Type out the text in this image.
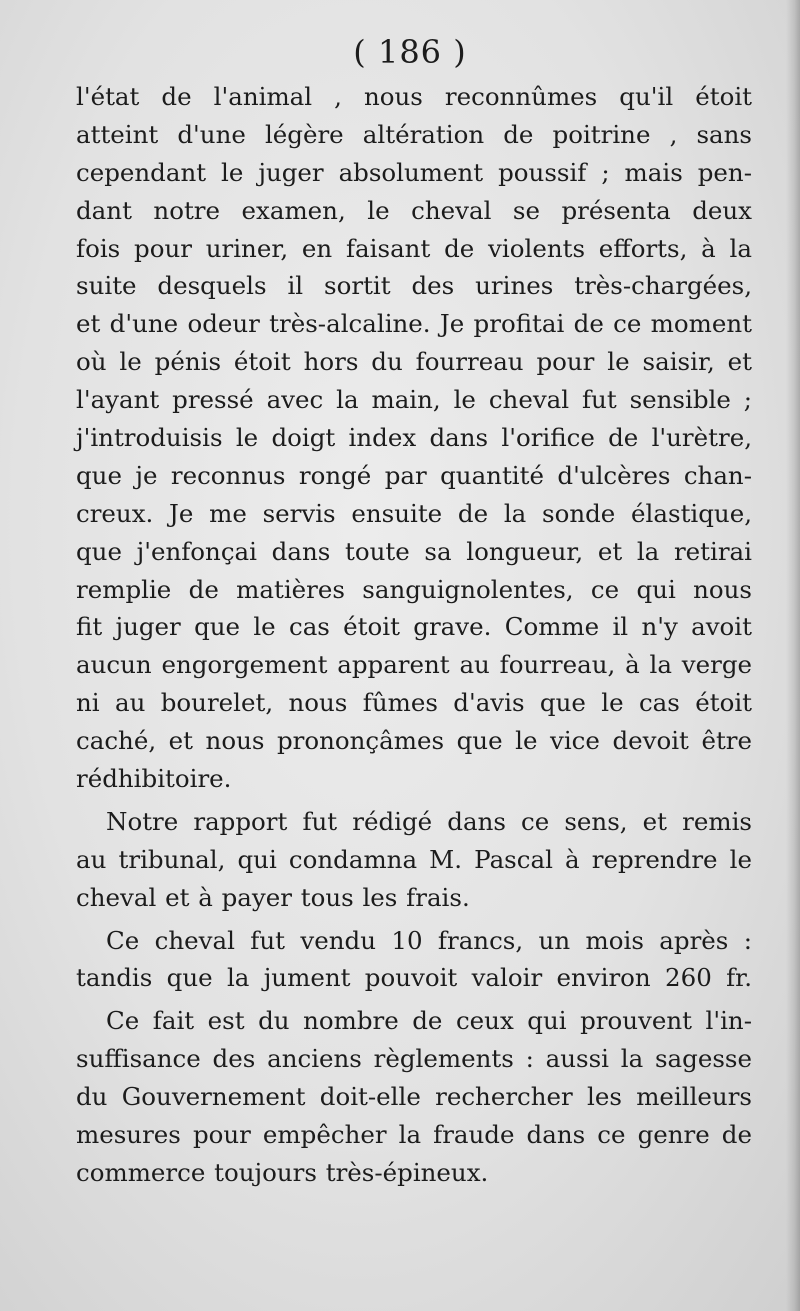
( 186 )
l'état de l'animal , nous reconnûmes qu'il étoit
atteint d'une légère altération de poitrine , sans
cependant le juger absolument poussif ; mais pen-
dant notre examen, le cheval se présenta deux
fois pour uriner, en faisant de violents efforts, à la
suite desquels il sortit des urines très-chargées,
et d'une odeur très-alcaline. Je profitai de ce moment
où le pénis étoit hors du fourreau pour le saisir, et
l'ayant pressé avec la main, le cheval fut sensible ;
j'introduisis le doigt index dans l'orifice de l'urètre,
que je reconnus rongé par quantité d'ulcères chan-
creux. Je me servis ensuite de la sonde élastique,
que j'enfonçai dans toute sa longueur, et la retirai
remplie de matières sanguignolentes, ce qui nous
fit juger que le cas étoit grave. Comme il n'y avoit
aucun engorgement apparent au fourreau, à la verge
ni au bourelet, nous fûmes d'avis que le cas étoit
caché, et nous prononçâmes que le vice devoit être
rédhibitoire.
Notre rapport fut rédigé dans ce sens, et remis
au tribunal, qui condamna M. Pascal à reprendre le
cheval et à payer tous les frais.
Ce cheval fut vendu 10 francs, un mois après :
tandis que la jument pouvoit valoir environ 260 fr.
Ce fait est du nombre de ceux qui prouvent l'in-
suffisance des anciens règlements : aussi la sagesse
du Gouvernement doit-elle rechercher les meilleurs
mesures pour empêcher la fraude dans ce genre de
commerce toujours très-épineux.
